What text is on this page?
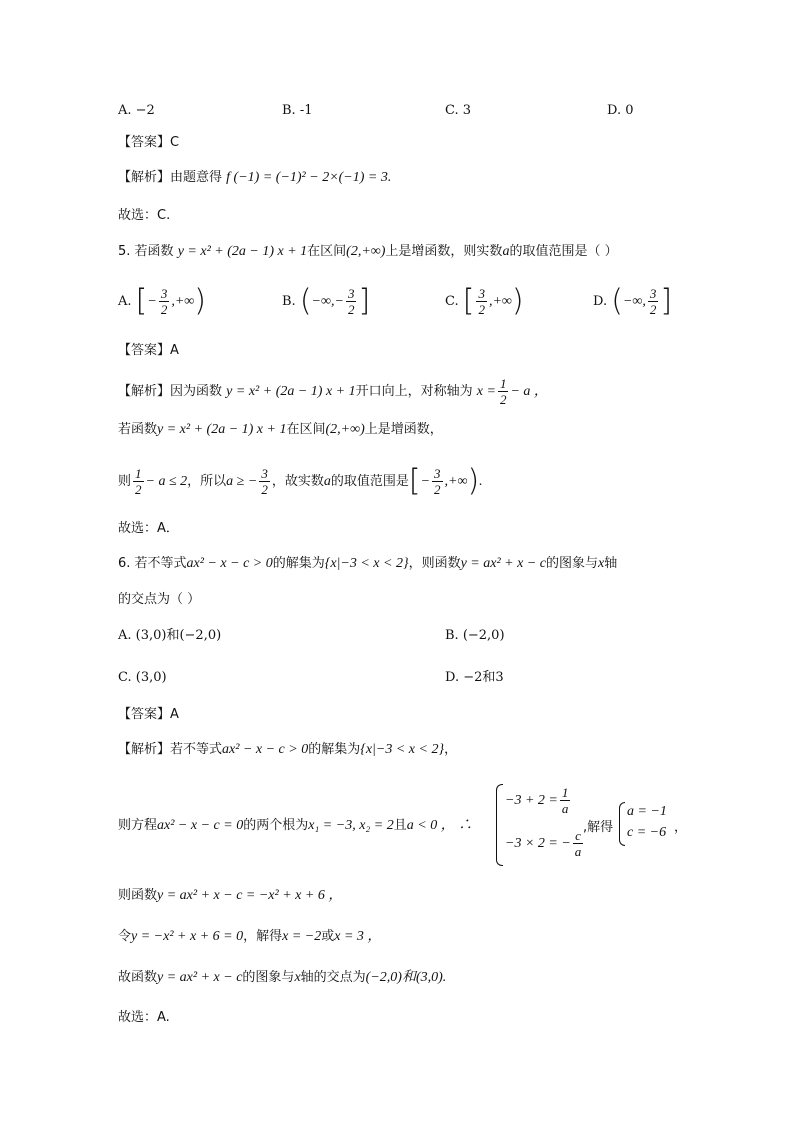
A. −2	B. -1	C. 3	D. 0
【答案】C
【解析】由题意得 f (−1) = (−1)² − 2×(−1) = 3.
故选：C.
5. 若函数 y = x² + (2a − 1) x + 1在区间(2,+∞)上是增函数，则实数a的取值范围是（ ）
A. [− $\frac{3}{2}$ ,+∞)	B. (−∞,− $\frac{3}{2}$ ]	C. [ $\frac{3}{2}$ ,+∞)	D. (−∞, $\frac{3}{2}$ ]
【答案】A
【解析】因为函数 y = x² + (2a − 1) x + 1开口向上，对称轴为 $x = \frac{1}{2} - a$ ，
若函数y = x² + (2a − 1) x + 1在区间(2,+∞)上是增函数，
则 $\frac{1}{2} - a \le 2$，所以a ≥ − $\frac{3}{2}$ ，故实数a的取值范围是[− $\frac{3}{2}$ ,+∞).
故选：A．
6. 若不等式ax² − x − c > 0的解集为{x|−3 < x < 2}，则函数y = ax² + x − c的图象与x轴
的交点为（ ）
A. (3,0)和(−2,0)	B. (−2,0)
C. (3,0)	D. −2和3
【答案】A
【解析】若不等式ax² − x − c > 0的解集为{x|−3 < x < 2}，
则方程ax² − x − c = 0的两个根为x₁ = −3, x₂ = 2且a < 0 ， ∴
$-3 + 2 = \frac{1}{a}$
−3 × 2 = − $\frac{c}{a}$
,解得
a = −1
c = −6 ，
则函数y = ax² + x − c = −x² + x + 6 ，
令y = −x² + x + 6 = 0，解得x = −2或x = 3 ，
故函数y = ax² + x − c的图象与x轴的交点为(−2,0)和(3,0).
故选：A.
